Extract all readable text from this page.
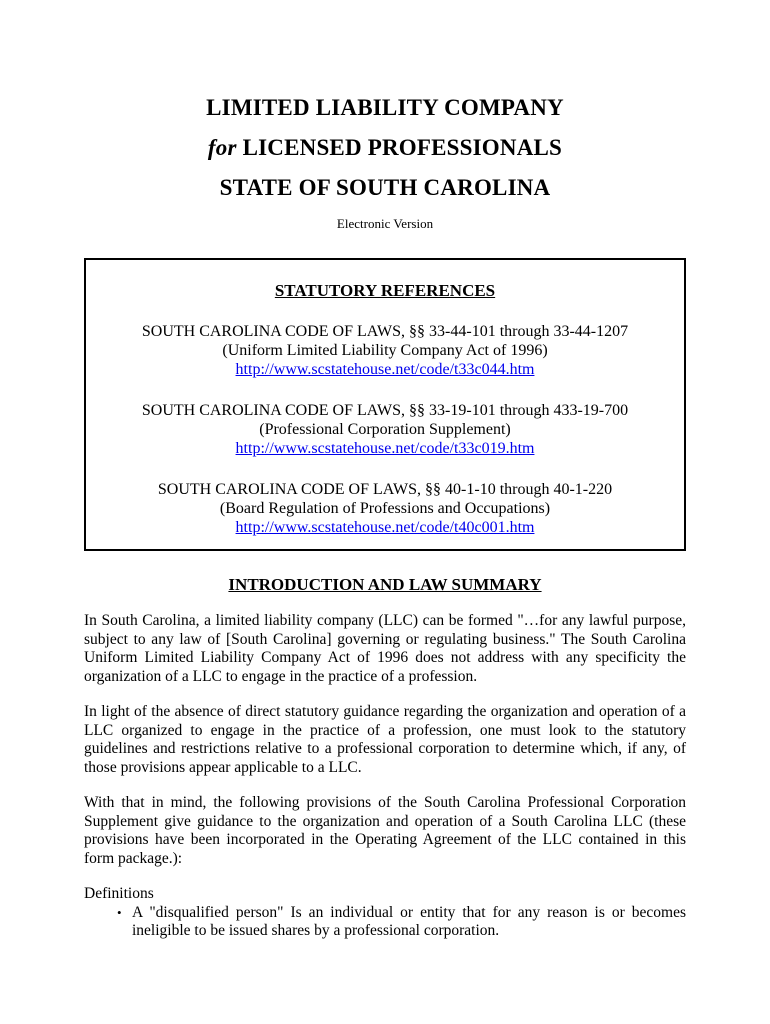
LIMITED LIABILITY COMPANY
for LICENSED PROFESSIONALS
STATE OF SOUTH CAROLINA
Electronic Version
STATUTORY REFERENCES
SOUTH CAROLINA CODE OF LAWS, §§ 33-44-101 through 33-44-1207
(Uniform Limited Liability Company Act of 1996)
http://www.scstatehouse.net/code/t33c044.htm
SOUTH CAROLINA CODE OF LAWS, §§ 33-19-101 through 433-19-700
(Professional Corporation Supplement)
http://www.scstatehouse.net/code/t33c019.htm
SOUTH CAROLINA CODE OF LAWS, §§ 40-1-10 through 40-1-220
(Board Regulation of Professions and Occupations)
http://www.scstatehouse.net/code/t40c001.htm
INTRODUCTION AND LAW SUMMARY

In South Carolina, a limited liability company (LLC) can be formed "…for any lawful purpose, subject to any law of [South Carolina] governing or regulating business." The South Carolina Uniform Limited Liability Company Act of 1996 does not address with any specificity the organization of a LLC to engage in the practice of a profession.

In light of the absence of direct statutory guidance regarding the organization and operation of a LLC organized to engage in the practice of a profession, one must look to the statutory guidelines and restrictions relative to a professional corporation to determine which, if any, of those provisions appear applicable to a LLC.

With that in mind, the following provisions of the South Carolina Professional Corporation Supplement give guidance to the organization and operation of a South Carolina LLC (these provisions have been incorporated in the Operating Agreement of the LLC contained in this form package.):

Definitions
• A "disqualified person" Is an individual or entity that for any reason is or becomes ineligible to be issued shares by a professional corporation.
